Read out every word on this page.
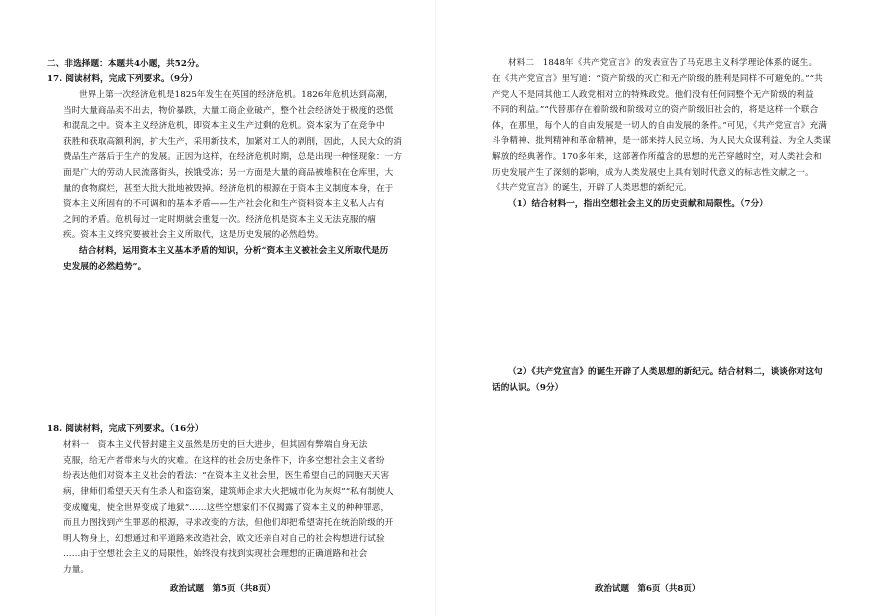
二、非选择题：本题共4小题，共52分。
17. 阅读材料，完成下列要求。（9分）
世界上第一次经济危机是1825年发生在英国的经济危机。1826年危机达到高潮，
当时大量商品卖不出去，物价暴跌，大量工商企业破产，整个社会经济处于极度的恐慌
和混乱之中。资本主义经济危机，即资本主义生产过剩的危机。资本家为了在竞争中
获胜和获取高额利润，扩大生产，采用新技术，加紧对工人的剥削，因此，人民大众的消
费品生产落后于生产的发展。正因为这样，在经济危机时期，总是出现一种怪现象：一方
面是广大的劳动人民流落街头，挨饿受冻；另一方面是大量的商品被堆积在仓库里，大
量的食物腐烂，甚至大批大批地被毁掉。经济危机的根源在于资本主义制度本身，在于
资本主义所固有的不可调和的基本矛盾——生产社会化和生产资料资本主义私人占有
之间的矛盾。危机每过一定时期就会重复一次。经济危机是资本主义无法克服的痼
疾。资本主义终究要被社会主义所取代，这是历史发展的必然趋势。
结合材料，运用资本主义基本矛盾的知识，分析“资本主义被社会主义所取代是历
史发展的必然趋势”。
18. 阅读材料，完成下列要求。（16分）
材料一　资本主义代替封建主义虽然是历史的巨大进步，但其固有弊端自身无法
克服，给无产者带来与火的灾难。在这样的社会历史条件下，许多空想社会主义者纷
纷表达他们对资本主义社会的看法：“在资本主义社会里，医生希望自己的同胞天天害
病，律师们希望天天有生杀人和盗窃案，建筑师企求大火把城市化为灰烬”“私有制使人
变成魔鬼，使全世界变成了地狱”……这些空想家们不仅揭露了资本主义的种种罪恶，
而且力图找到产生罪恶的根源，寻求改变的方法，但他们却把希望寄托在统治阶级的开
明人物身上，幻想通过和平道路来改造社会，欧文还亲自对自己的社会构想进行试验
……由于空想社会主义的局限性，始终没有找到实现社会理想的正确道路和社会
力量。
政治试题　第5页（共8页）
材料二　1848年《共产党宣言》的发表宣告了马克思主义科学理论体系的诞生。
在《共产党宣言》里写道：“资产阶级的灭亡和无产阶级的胜利是同样不可避免的。”“共
产党人不是同其他工人政党相对立的特殊政党。他们没有任何同整个无产阶级的利益
不同的利益。”“代替那存在着阶级和阶级对立的资产阶级旧社会的，将是这样一个联合
体，在那里，每个人的自由发展是一切人的自由发展的条件。”可见，《共产党宣言》充满
斗争精神、批判精神和革命精神，是一部来持人民立场、为人民大众谋利益、为全人类谋
解放的经典著作。170多年来，这部著作所蕴含的思想的光芒穿越时空，对人类社会和
历史发展产生了深刻的影响，成为人类发展史上具有划时代意义的标志性文献之一。
《共产党宣言》的诞生，开辟了人类思想的新纪元。
（1）结合材料一，指出空想社会主义的历史贡献和局限性。（7分）
（2）《共产党宣言》的诞生开辟了人类思想的新纪元。结合材料二，谈谈你对这句
话的认识。（9分）
政治试题　第6页（共8页）
